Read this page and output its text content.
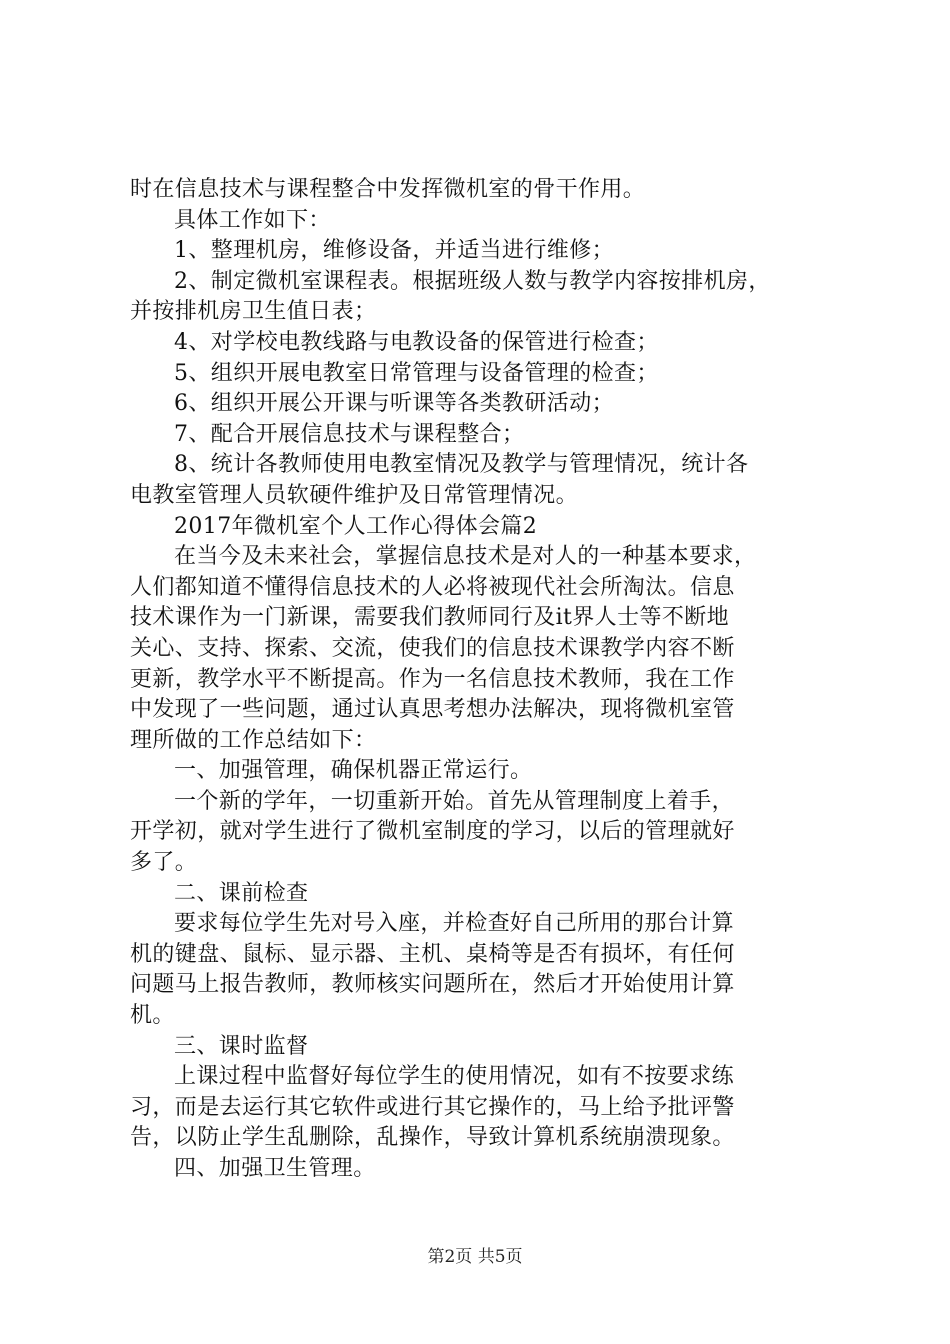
时在信息技术与课程整合中发挥微机室的骨干作用。
具体工作如下：
1、整理机房，维修设备，并适当进行维修；
2、制定微机室课程表。根据班级人数与教学内容按排机房，
并按排机房卫生值日表；
4、对学校电教线路与电教设备的保管进行检查；
5、组织开展电教室日常管理与设备管理的检查；
6、组织开展公开课与听课等各类教研活动；
7、配合开展信息技术与课程整合；
8、统计各教师使用电教室情况及教学与管理情况，统计各
电教室管理人员软硬件维护及日常管理情况。
2017年微机室个人工作心得体会篇2
在当今及未来社会，掌握信息技术是对人的一种基本要求，
人们都知道不懂得信息技术的人必将被现代社会所淘汰。信息
技术课作为一门新课，需要我们教师同行及it界人士等不断地
关心、支持、探索、交流，使我们的信息技术课教学内容不断
更新，教学水平不断提高。作为一名信息技术教师，我在工作
中发现了一些问题，通过认真思考想办法解决，现将微机室管
理所做的工作总结如下：
一、加强管理，确保机器正常运行。
一个新的学年，一切重新开始。首先从管理制度上着手，
开学初，就对学生进行了微机室制度的学习，以后的管理就好
多了。
二、课前检查
要求每位学生先对号入座，并检查好自己所用的那台计算
机的键盘、鼠标、显示器、主机、桌椅等是否有损坏，有任何
问题马上报告教师，教师核实问题所在，然后才开始使用计算
机。
三、课时监督
上课过程中监督好每位学生的使用情况，如有不按要求练
习，而是去运行其它软件或进行其它操作的，马上给予批评警
告，以防止学生乱删除，乱操作，导致计算机系统崩溃现象。
四、加强卫生管理。
第2页 共5页
